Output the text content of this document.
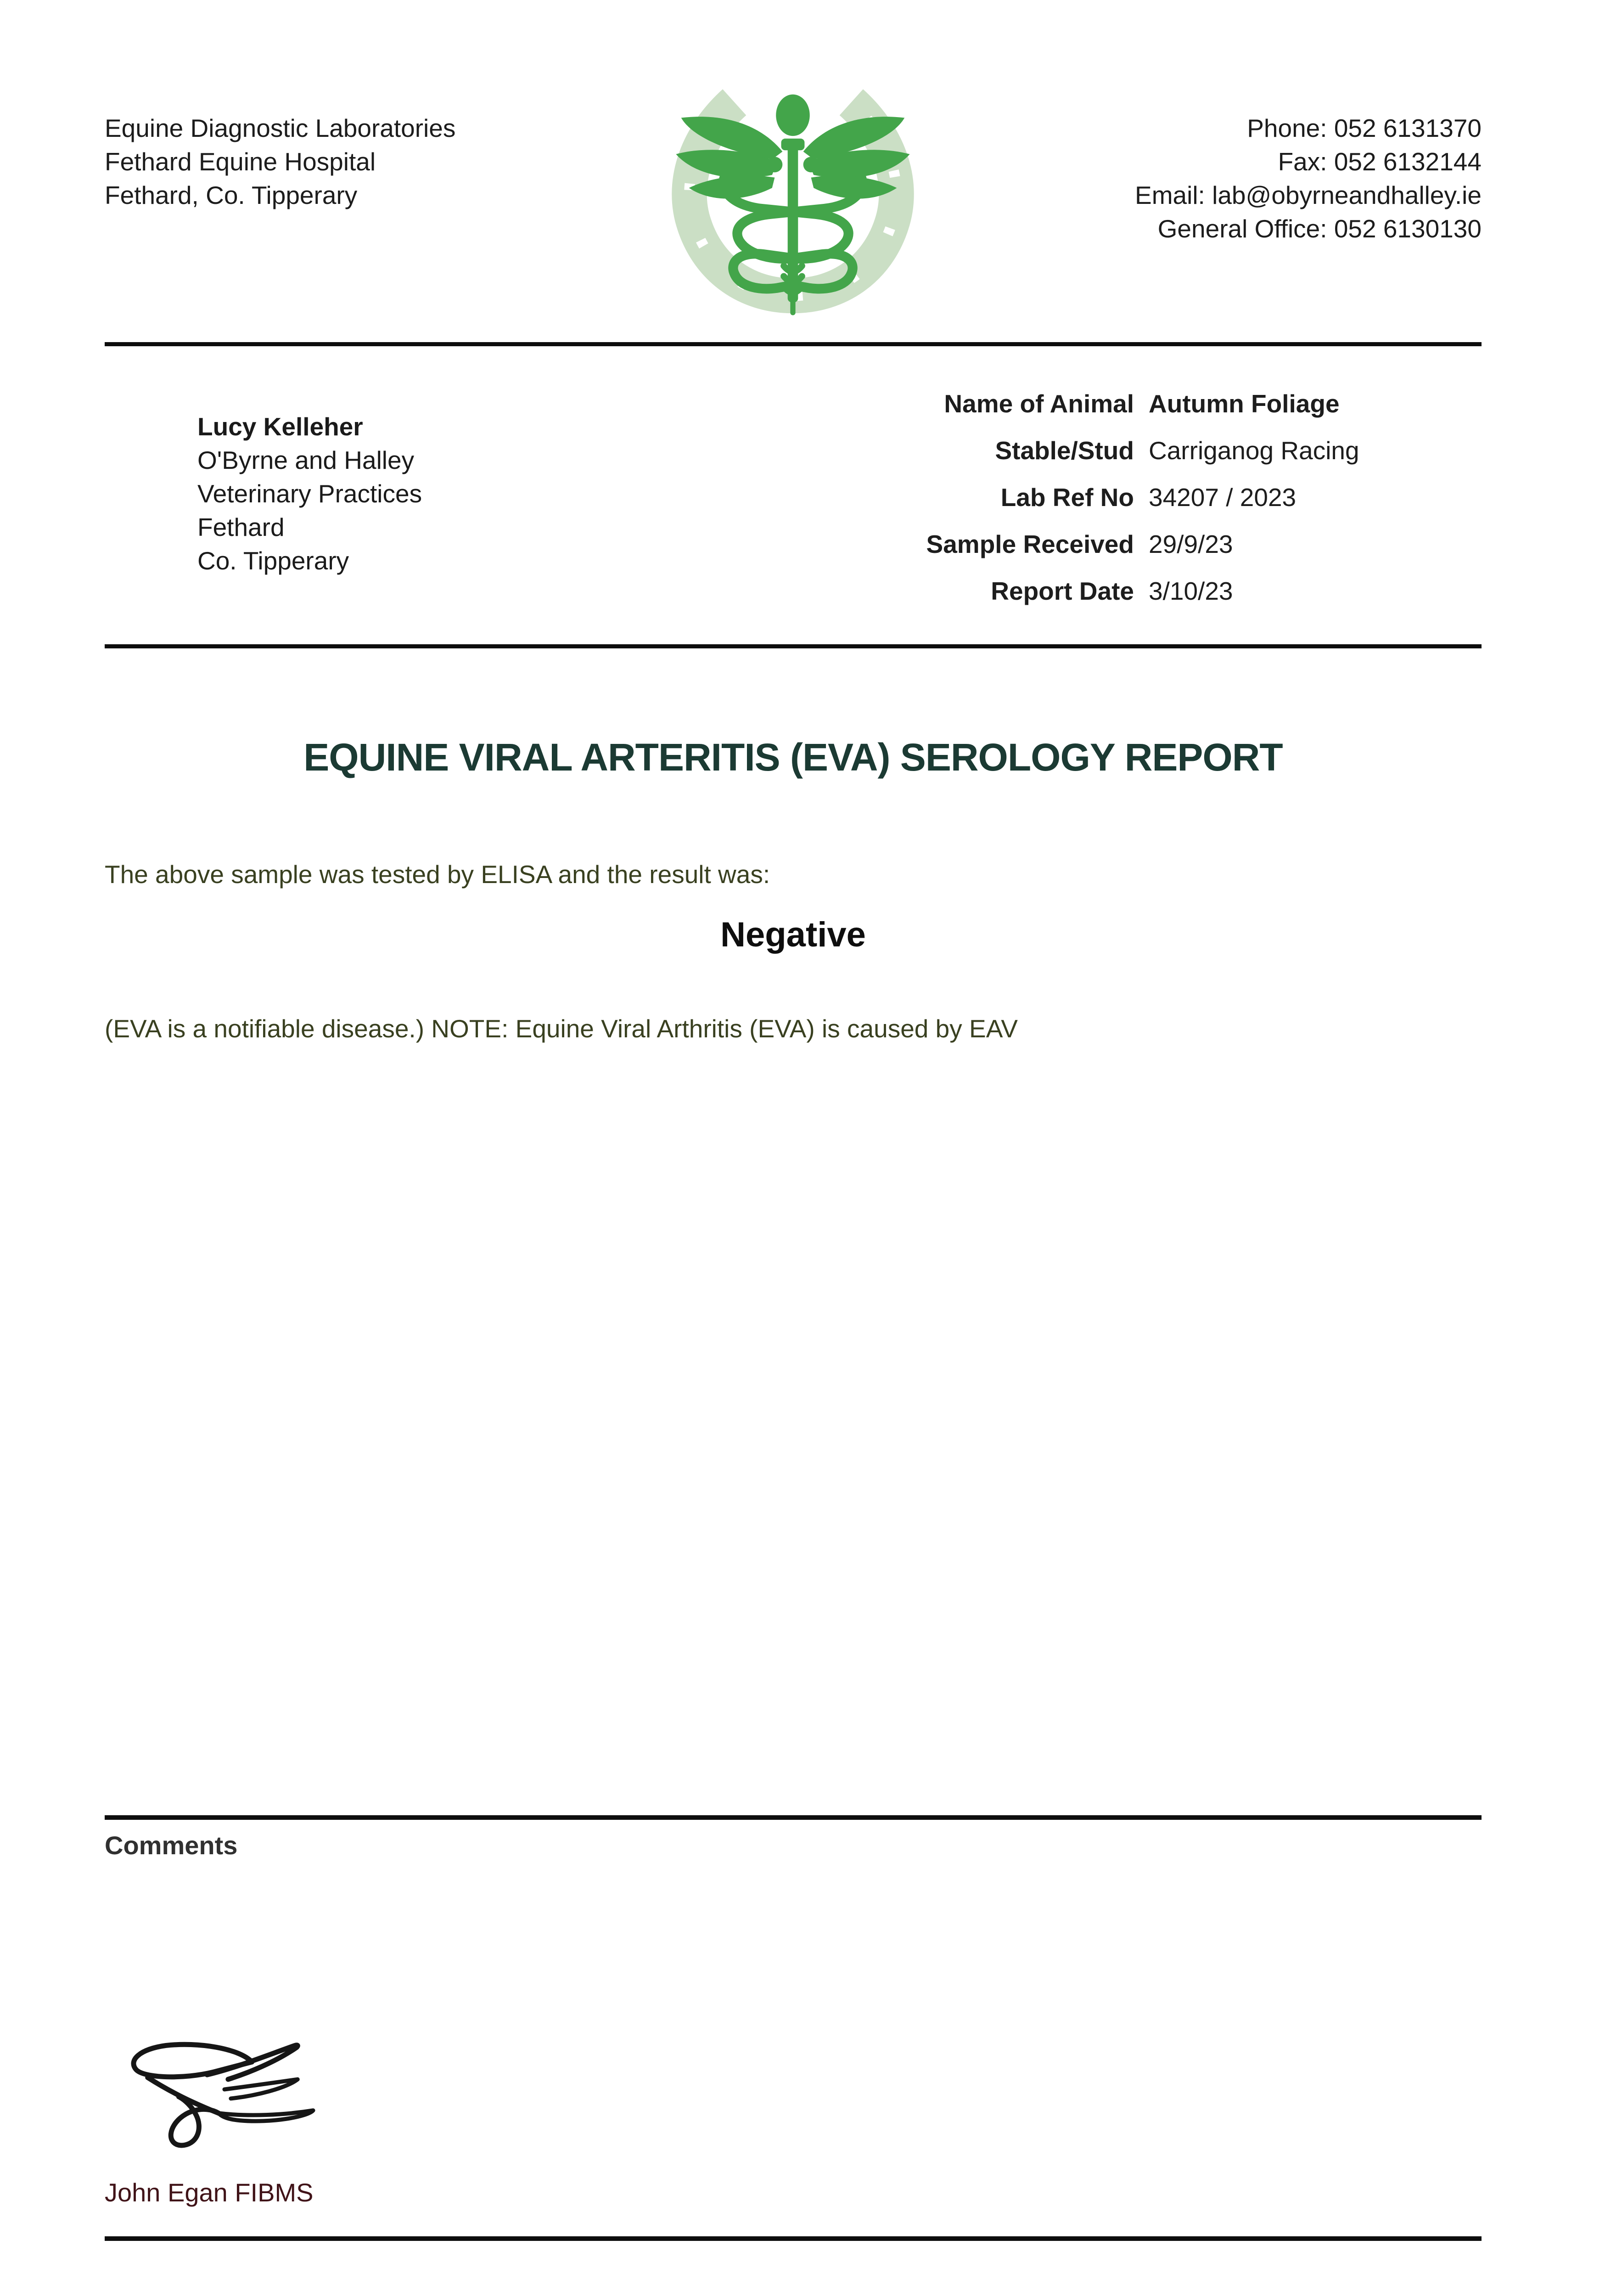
Equine Diagnostic Laboratories
Fethard Equine Hospital
Fethard, Co. Tipperary
Phone: 052 6131370
Fax: 052 6132144
Email: lab@obyrneandhalley.ie
General Office: 052 6130130
Lucy Kelleher
O'Byrne and Halley
Veterinary Practices
Fethard
Co. Tipperary
Name of Animal Autumn Foliage
Stable/Stud Carriganog Racing
Lab Ref No 34207 / 2023
Sample Received 29/9/23
Report Date 3/10/23
EQUINE VIRAL ARTERITIS (EVA) SEROLOGY REPORT
The above sample was tested by ELISA and the result was:
Negative
(EVA is a notifiable disease.) NOTE: Equine Viral Arthritis (EVA) is caused by EAV
Comments
John Egan FIBMS
